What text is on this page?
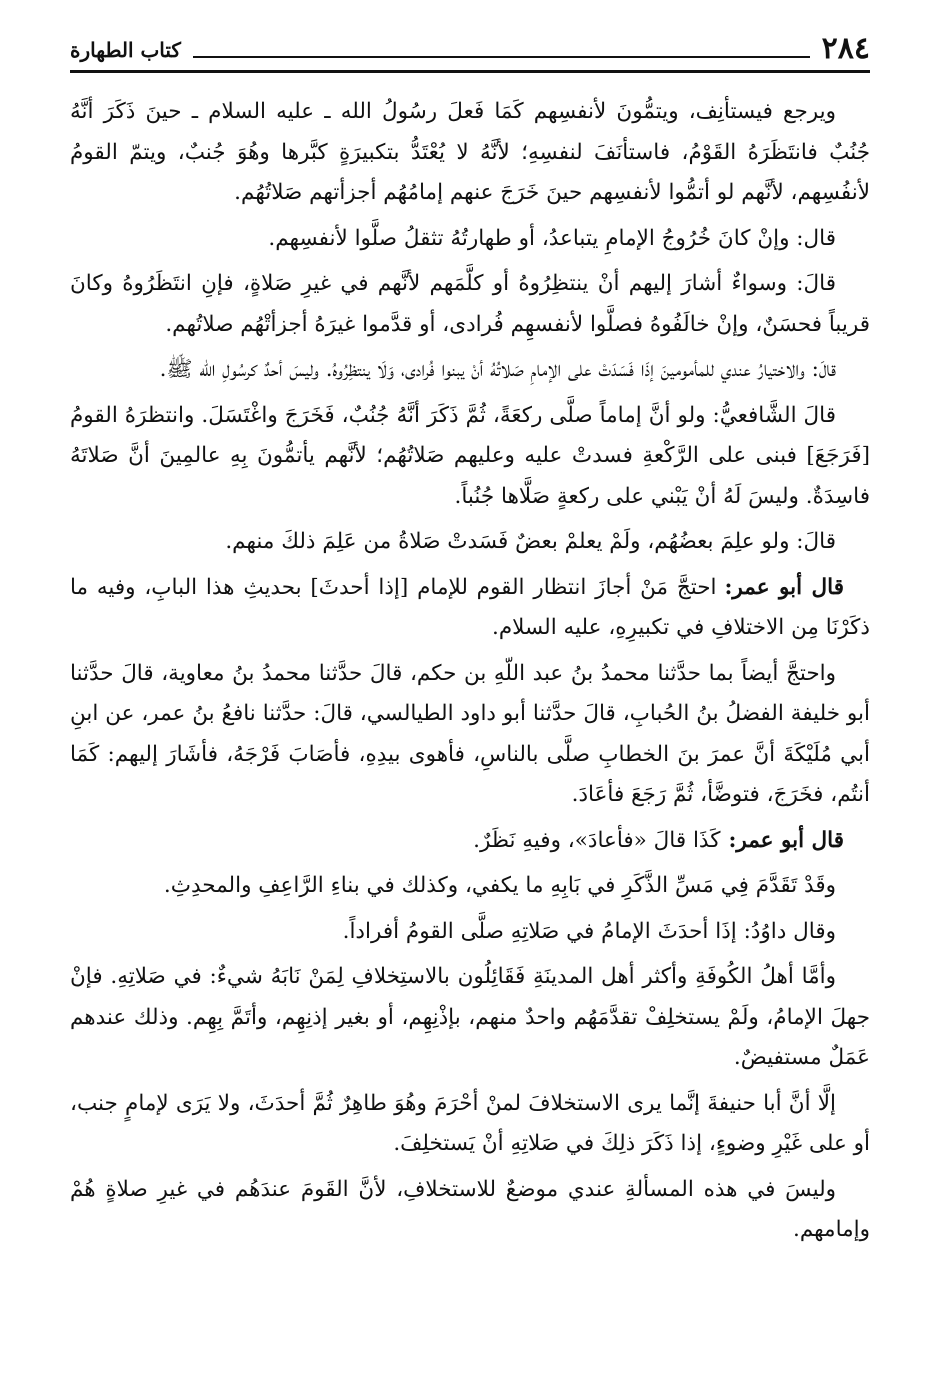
٢٨٤
كتاب الطهارة

ويرجع فيستأنِف، ويتمُّونَ لأنفسِهم كَمَا فَعلَ رسُولُ الله ـ عليه السلام ـ حينَ ذَكَرَ أنَّهُ جُنُبٌ فانتَظَرَهُ القَوْمُ، فاستأنَفَ لنفسِهِ؛ لأنَّهُ لا يُعْتَدُّ بتكبيرَةٍ كبَّرها وهُوَ جُنبٌ، ويتمّ القومُ لأنفُسِهم، لأنَّهم لو أتمُّوا لأنفسِهم حينَ خَرَجَ عنهم إمامُهُم أجزأتهم صَلاتُهُم.

قال: وإنْ كانَ خُرُوجُ الإمامِ يتباعدُ، أو طهارتُهُ تثقلُ صلَّوا لأنفسِهم.

قالَ: وسواءٌ أشارَ إليهم أنْ ينتظِرُوهُ أو كلَّمَهم لأنَّهم في غيرِ صَلاةٍ، فإنِ انتَظَرُوهُ وكانَ قريباً فحسَنٌ، وإنْ خالَفُوهُ فصلَّوا لأنفسهِم فُرادى، أو قدَّموا غيرَهُ أجزأتْهُم صلاتُهم.

قالَ: والاختيارُ عندي للمأمومينَ إذَا فَسَدَتْ على الإمامِ صَلاتُهُ أنْ يبنوا فُرادى، وَلَا ينتظِرُوهُ. وليسَ أحدٌ كرسُولِ الله ﷺ.

قالَ الشَّافعيُّ: ولو أنَّ إماماً صلَّى ركعَةً، ثُمَّ ذَكَرَ أنَّهُ جُنُبٌ، فَخَرَجَ واغْتَسَلَ. وانتظرَهُ القومُ [فَرَجَعَ] فبنى على الرَّكْعةِ فسدتْ عليه وعليهم صَلاتُهُم؛ لأنَّهم يأتمُّونَ بِهِ عالمِينَ أنَّ صَلاتَهُ فاسِدَةٌ. وليسَ لَهُ أنْ يَبْني على ركعةٍ صَلَّاها جُنُباً.

قالَ: ولو علِمَ بعضُهُم، ولَمْ يعلمْ بعضٌ فَسَدتْ صَلاةُ من عَلِمَ ذلكَ منهم.

قال أبو عمر:احتجَّ مَنْ أجازَ انتظار القوم للإمام [إذا أحدثَ] بحديثِ هذا البابِ، وفيه ما ذكَرْنَا مِن الاختلافِ في تكبيرِهِ، عليه السلام.

واحتجَّ أيضاً بما حدَّثنا محمدُ بنُ عبد اللّهِ بن حكم، قالَ حدَّثنا محمدُ بنُ معاوية، قالَ حدَّثنا أبو خليفة الفضلُ بنُ الحُبابِ، قالَ حدَّثنا أبو داود الطيالسي، قالَ: حدَّثنا نافعُ بنُ عمر، عن ابنِ أبي مُلَيْكَةَ أنَّ عمرَ بنَ الخطابِ صلَّى بالناسِ، فأهوى بيدِهِ، فأصَابَ فَرْجَهُ، فأشَارَ إليهم: كَمَا أنتُم، فخَرَجَ، فتوضَّأ، ثُمَّ رَجَعَ فأعَادَ.

قال أبو عمر:كَذَا قالَ «فأعادَ»، وفيهِ نَظَرٌ.

وقَدْ تَقَدَّمَ فِي مَسِّ الذَّكَرِ في بَابِهِ ما يكفي، وكذلك في بناءِ الرَّاعِفِ والمحدِثِ.

وقال داوُدُ: إذَا أحدَثَ الإمامُ في صَلاتِهِ صلَّى القومُ أفراداً.

وأمَّا أهلُ الكُوفَةِ وأكثر أهل المدينَةِ فَقَائِلُون بالاستِخلافِ لِمَنْ نَابَهُ شيءٌ: في صَلاتِهِ. فإنْ جهلَ الإمامُ، ولَمْ يستخلِفْ تقدَّمَهُم واحدٌ منهم، بإذْنِهِم، أو بغير إذنِهِم، وأتَمَّ بِهِم. وذلك عندهم عَمَلٌ مستفيضٌ.

إلَّا أنَّ أبا حنيفةَ إنَّما يرى الاستخلافَ لمنْ أحْرَمَ وهُوَ طاهِرٌ ثُمَّ أحدَثَ، ولا يَرَى لإمامٍ جنب، أو على غَيْرِ وضوءٍ، إذا ذَكَرَ ذلِكَ في صَلاتِهِ أنْ يَستخلِفَ.

وليسَ في هذه المسألةِ عندي موضعٌ للاستخلافِ، لأنَّ القَومَ عندَهُم في غيرِ صلاةٍ هُمْ وإمامهم.
